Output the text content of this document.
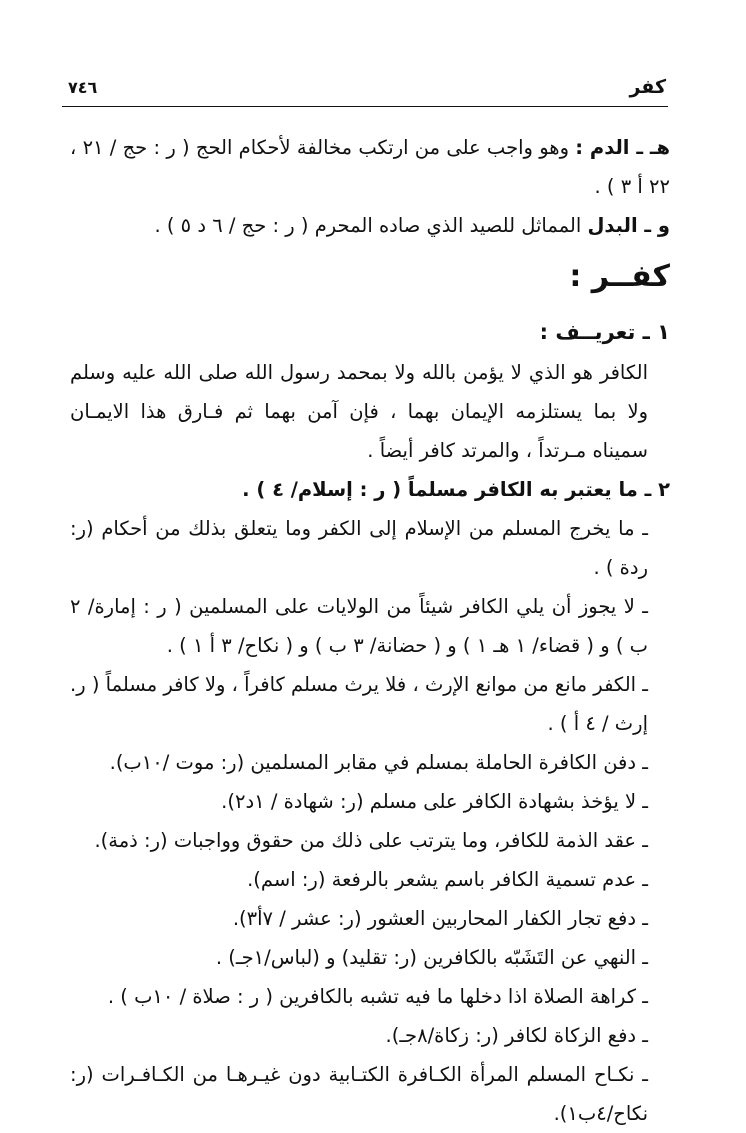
كفر
٧٤٦

هـ ـ الدم : وهو واجب على من ارتكب مخالفة لأحكام الحج ( ر : حج / ٢١ ، ٢٢ أ ٣ ) .

و ـ البدل المماثل للصيد الذي صاده المحرم ( ر : حج / ٦ د ٥ ) .

كفــر :
١ ـ تعريــف :

الكافر هو الذي لا يؤمن بالله ولا بمحمد رسول الله صلى الله عليه وسلم ولا بما يستلزمه الإيمان بهما ، فإن آمن بهما ثم فـارق هذا الايمـان سميناه مـرتداً ، والمرتد كافر أيضاً .

٢ ـ ما يعتبر به الكافر مسلماً ( ر : إسلام/ ٤ ) .

ـ ما يخرج المسلم من الإسلام إلى الكفر وما يتعلق بذلك من أحكام (ر: ردة ) .

ـ لا يجوز أن يلي الكافر شيئاً من الولايات على المسلمين ( ر : إمارة/ ٢ ب ) و ( قضاء/ ١ هـ ١ ) و ( حضانة/ ٣ ب ) و ( نكاح/ ٣ أ ١ ) .

ـ الكفر مانع من موانع الإرث ، فلا يرث مسلم كافراً ، ولا كافر مسلماً ( ر. إرث / ٤ أ ) .

ـ دفن الكافرة الحاملة بمسلم في مقابر المسلمين (ر: موت /١٠ب).

ـ لا يؤخذ بشهادة الكافر على مسلم (ر: شهادة / ١د٢).

ـ عقد الذمة للكافر، وما يترتب على ذلك من حقوق وواجبات (ر: ذمة).

ـ عدم تسمية الكافر باسم يشعر بالرفعة (ر: اسم).

ـ دفع تجار الكفار المحاربين العشور (ر: عشر / ٧أ٣).

ـ النهي عن التَشَبّه بالكافرين (ر: تقليد) و (لباس/١جـ) .

ـ كراهة الصلاة اذا دخلها ما فيه تشبه بالكافرين ( ر : صلاة / ١٠ب ) .

ـ دفع الزكاة لكافر (ر: زكاة/٨جـ).

ـ نكـاح المسلم المرأة الكـافرة الكتـابية دون غيـرهـا من الكـافـرات (ر: نكاح/٤ب١).
